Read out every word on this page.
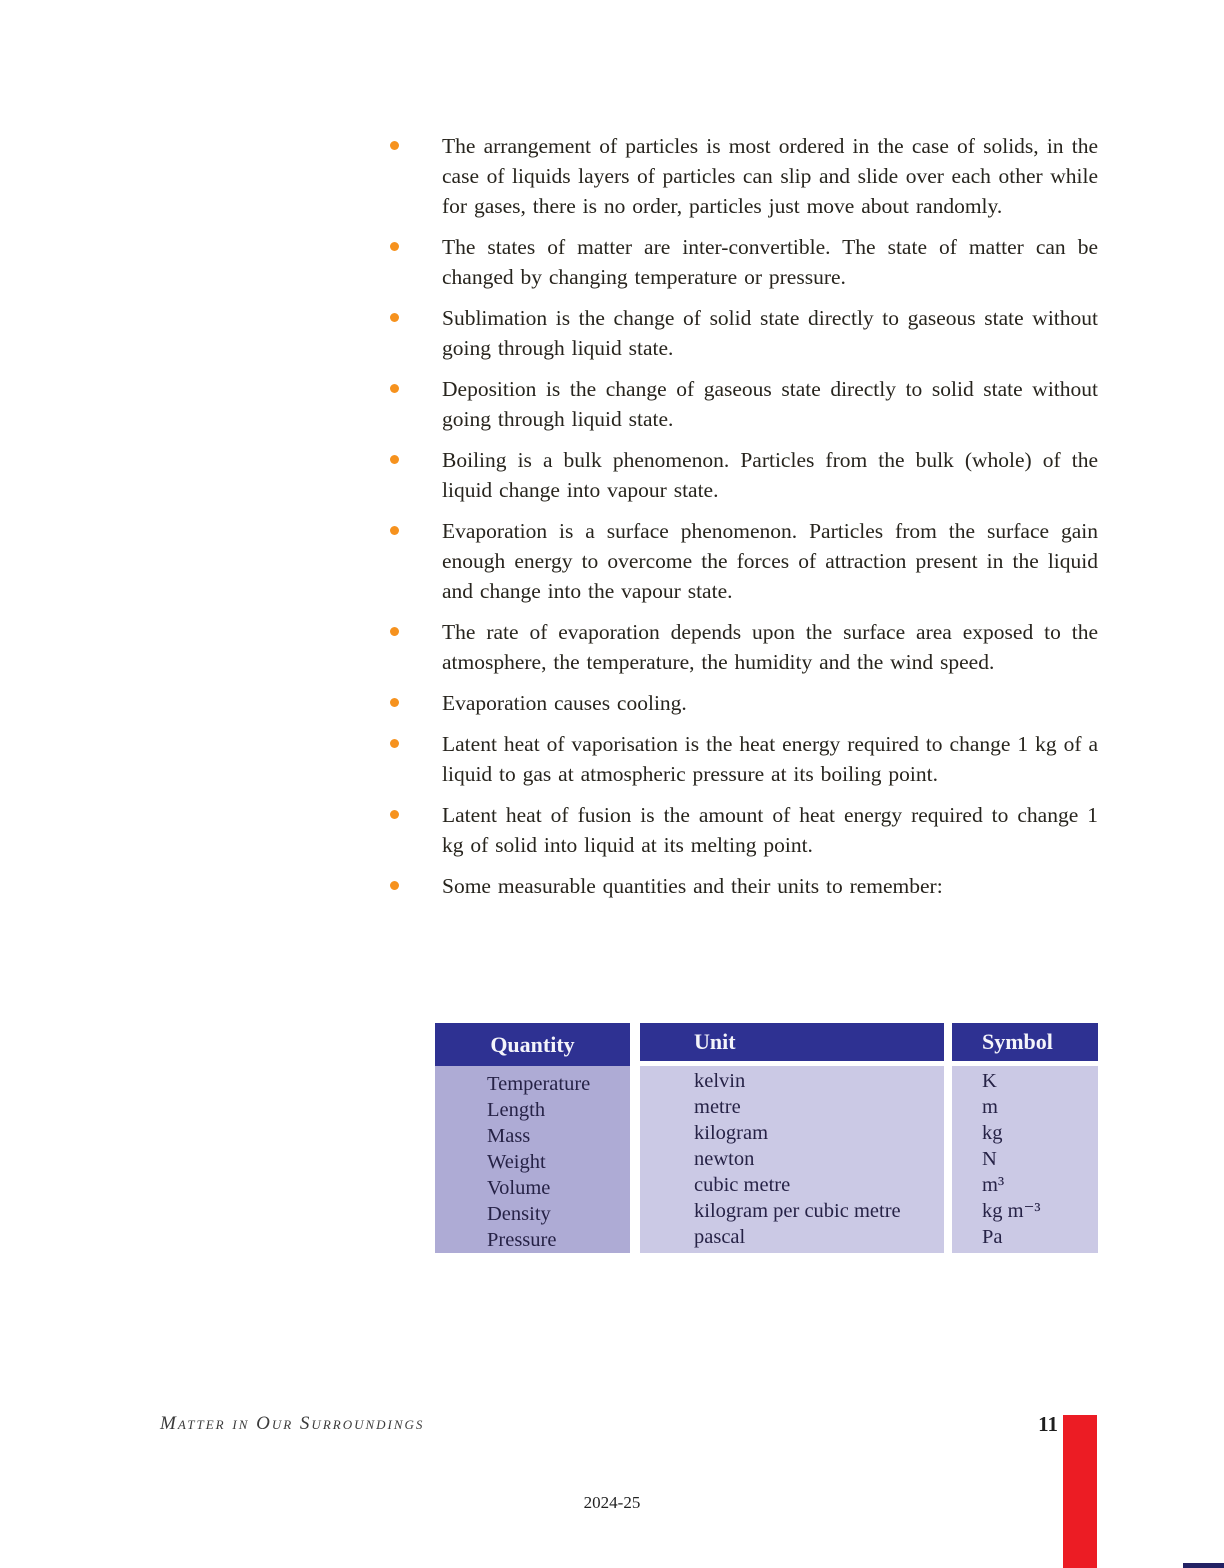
The arrangement of particles is most ordered in the case of solids, in the case of liquids layers of particles can slip and slide over each other while for gases, there is no order, particles just move about randomly.
The states of matter are inter-convertible. The state of matter can be changed by changing temperature or pressure.
Sublimation is the change of solid state directly to gaseous state without going through liquid state.
Deposition is the change of gaseous state directly to solid state without going through liquid state.
Boiling is a bulk phenomenon. Particles from the bulk (whole) of the liquid change into vapour state.
Evaporation is a surface phenomenon. Particles from the surface gain enough energy to overcome the forces of attraction present in the liquid and change into the vapour state.
The rate of evaporation depends upon the surface area exposed to the atmosphere, the temperature, the humidity and the wind speed.
Evaporation causes cooling.
Latent heat of vaporisation is the heat energy required to change 1 kg of a liquid to gas at atmospheric pressure at its boiling point.
Latent heat of fusion is the amount of heat energy required to change 1 kg of solid into liquid at its melting point.
Some measurable quantities and their units to remember:
Quantity
Temperature
Length
Mass
Weight
Volume
Density
Pressure
Unit
kelvin
metre
kilogram
newton
cubic metre
kilogram per cubic metre
pascal
Symbol
K
m
kg
N
m³
kg m⁻³
Pa
Matter in Our Surroundings	11
2024-25
